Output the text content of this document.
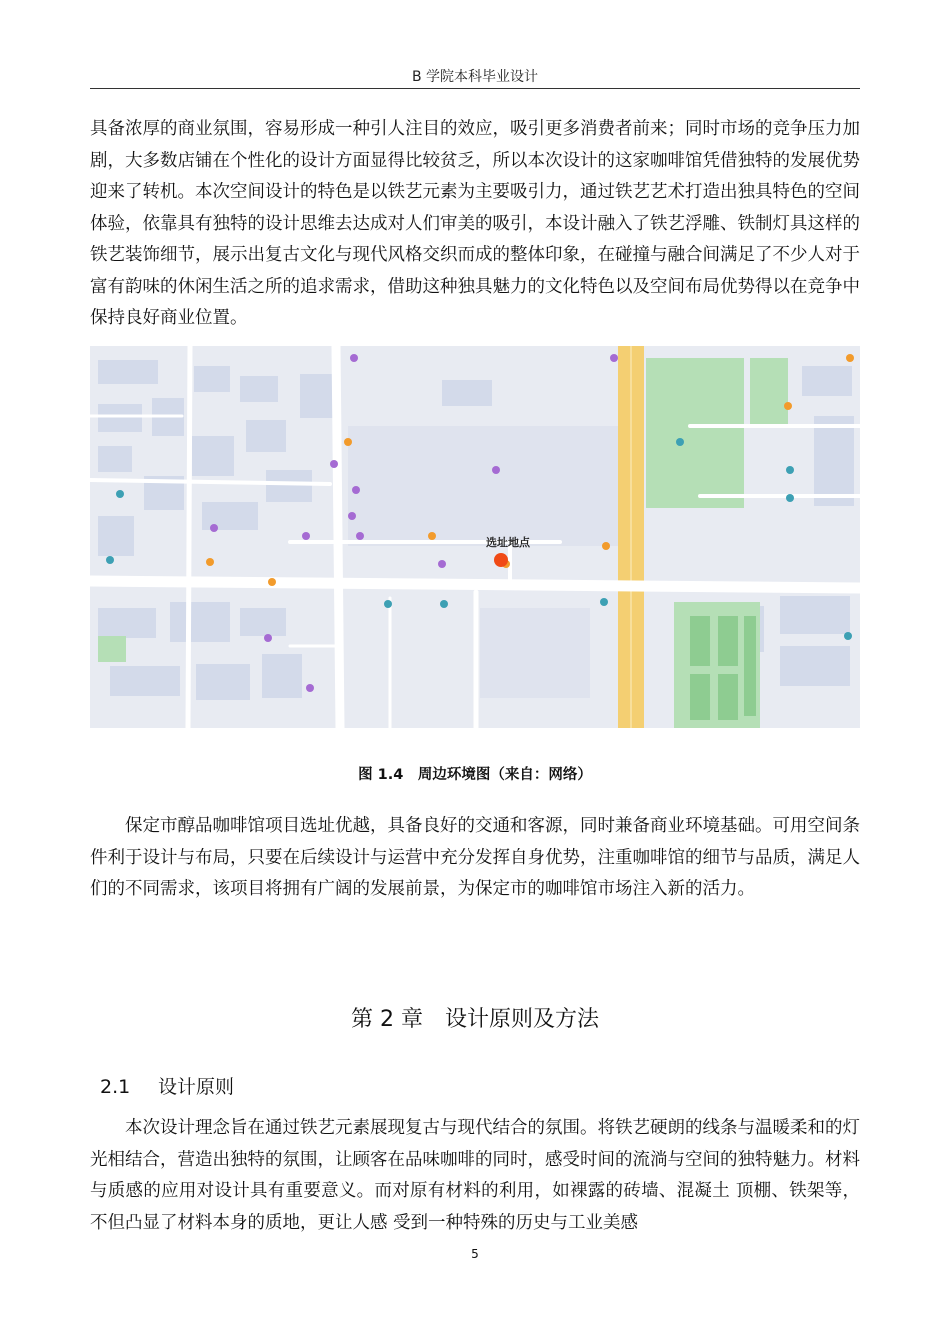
B 学院本科毕业设计

具备浓厚的商业氛围，容易形成一种引人注目的效应，吸引更多消费者前来；同时市场的竞争压力加剧，大多数店铺在个性化的设计方面显得比较贫乏，所以本次设计的这家咖啡馆凭借独特的发展优势迎来了转机。本次空间设计的特色是以铁艺元素为主要吸引力，通过铁艺艺术打造出独具特色的空间体验，依靠具有独特的设计思维去达成对人们审美的吸引，本设计融入了铁艺浮雕、铁制灯具这样的铁艺装饰细节，展示出复古文化与现代风格交织而成的整体印象，在碰撞与融合间满足了不少人对于富有韵味的休闲生活之所的追求需求，借助这种独具魅力的文化特色以及空间布局优势得以在竞争中保持良好商业位置。

选址地点
图 1.4　周边环境图（来自：网络）

保定市醇品咖啡馆项目选址优越，具备良好的交通和客源，同时兼备商业环境基础。可用空间条件利于设计与布局，只要在后续设计与运营中充分发挥自身优势，注重咖啡馆的细节与品质，满足人们的不同需求，该项目将拥有广阔的发展前景，为保定市的咖啡馆市场注入新的活力。

第 2 章　设计原则及方法
2.1 设计原则

本次设计理念旨在通过铁艺元素展现复古与现代结合的氛围。将铁艺硬朗的线条与温暖柔和的灯光相结合，营造出独特的氛围，让顾客在品味咖啡的同时，感受时间的流淌与空间的独特魅力。材料与质感的应用对设计具有重要意义。而对原有材料的利用，如裸露的砖墙、混凝土 顶棚、铁架等，不但凸显了材料本身的质地，更让人感 受到一种特殊的历史与工业美感

5
